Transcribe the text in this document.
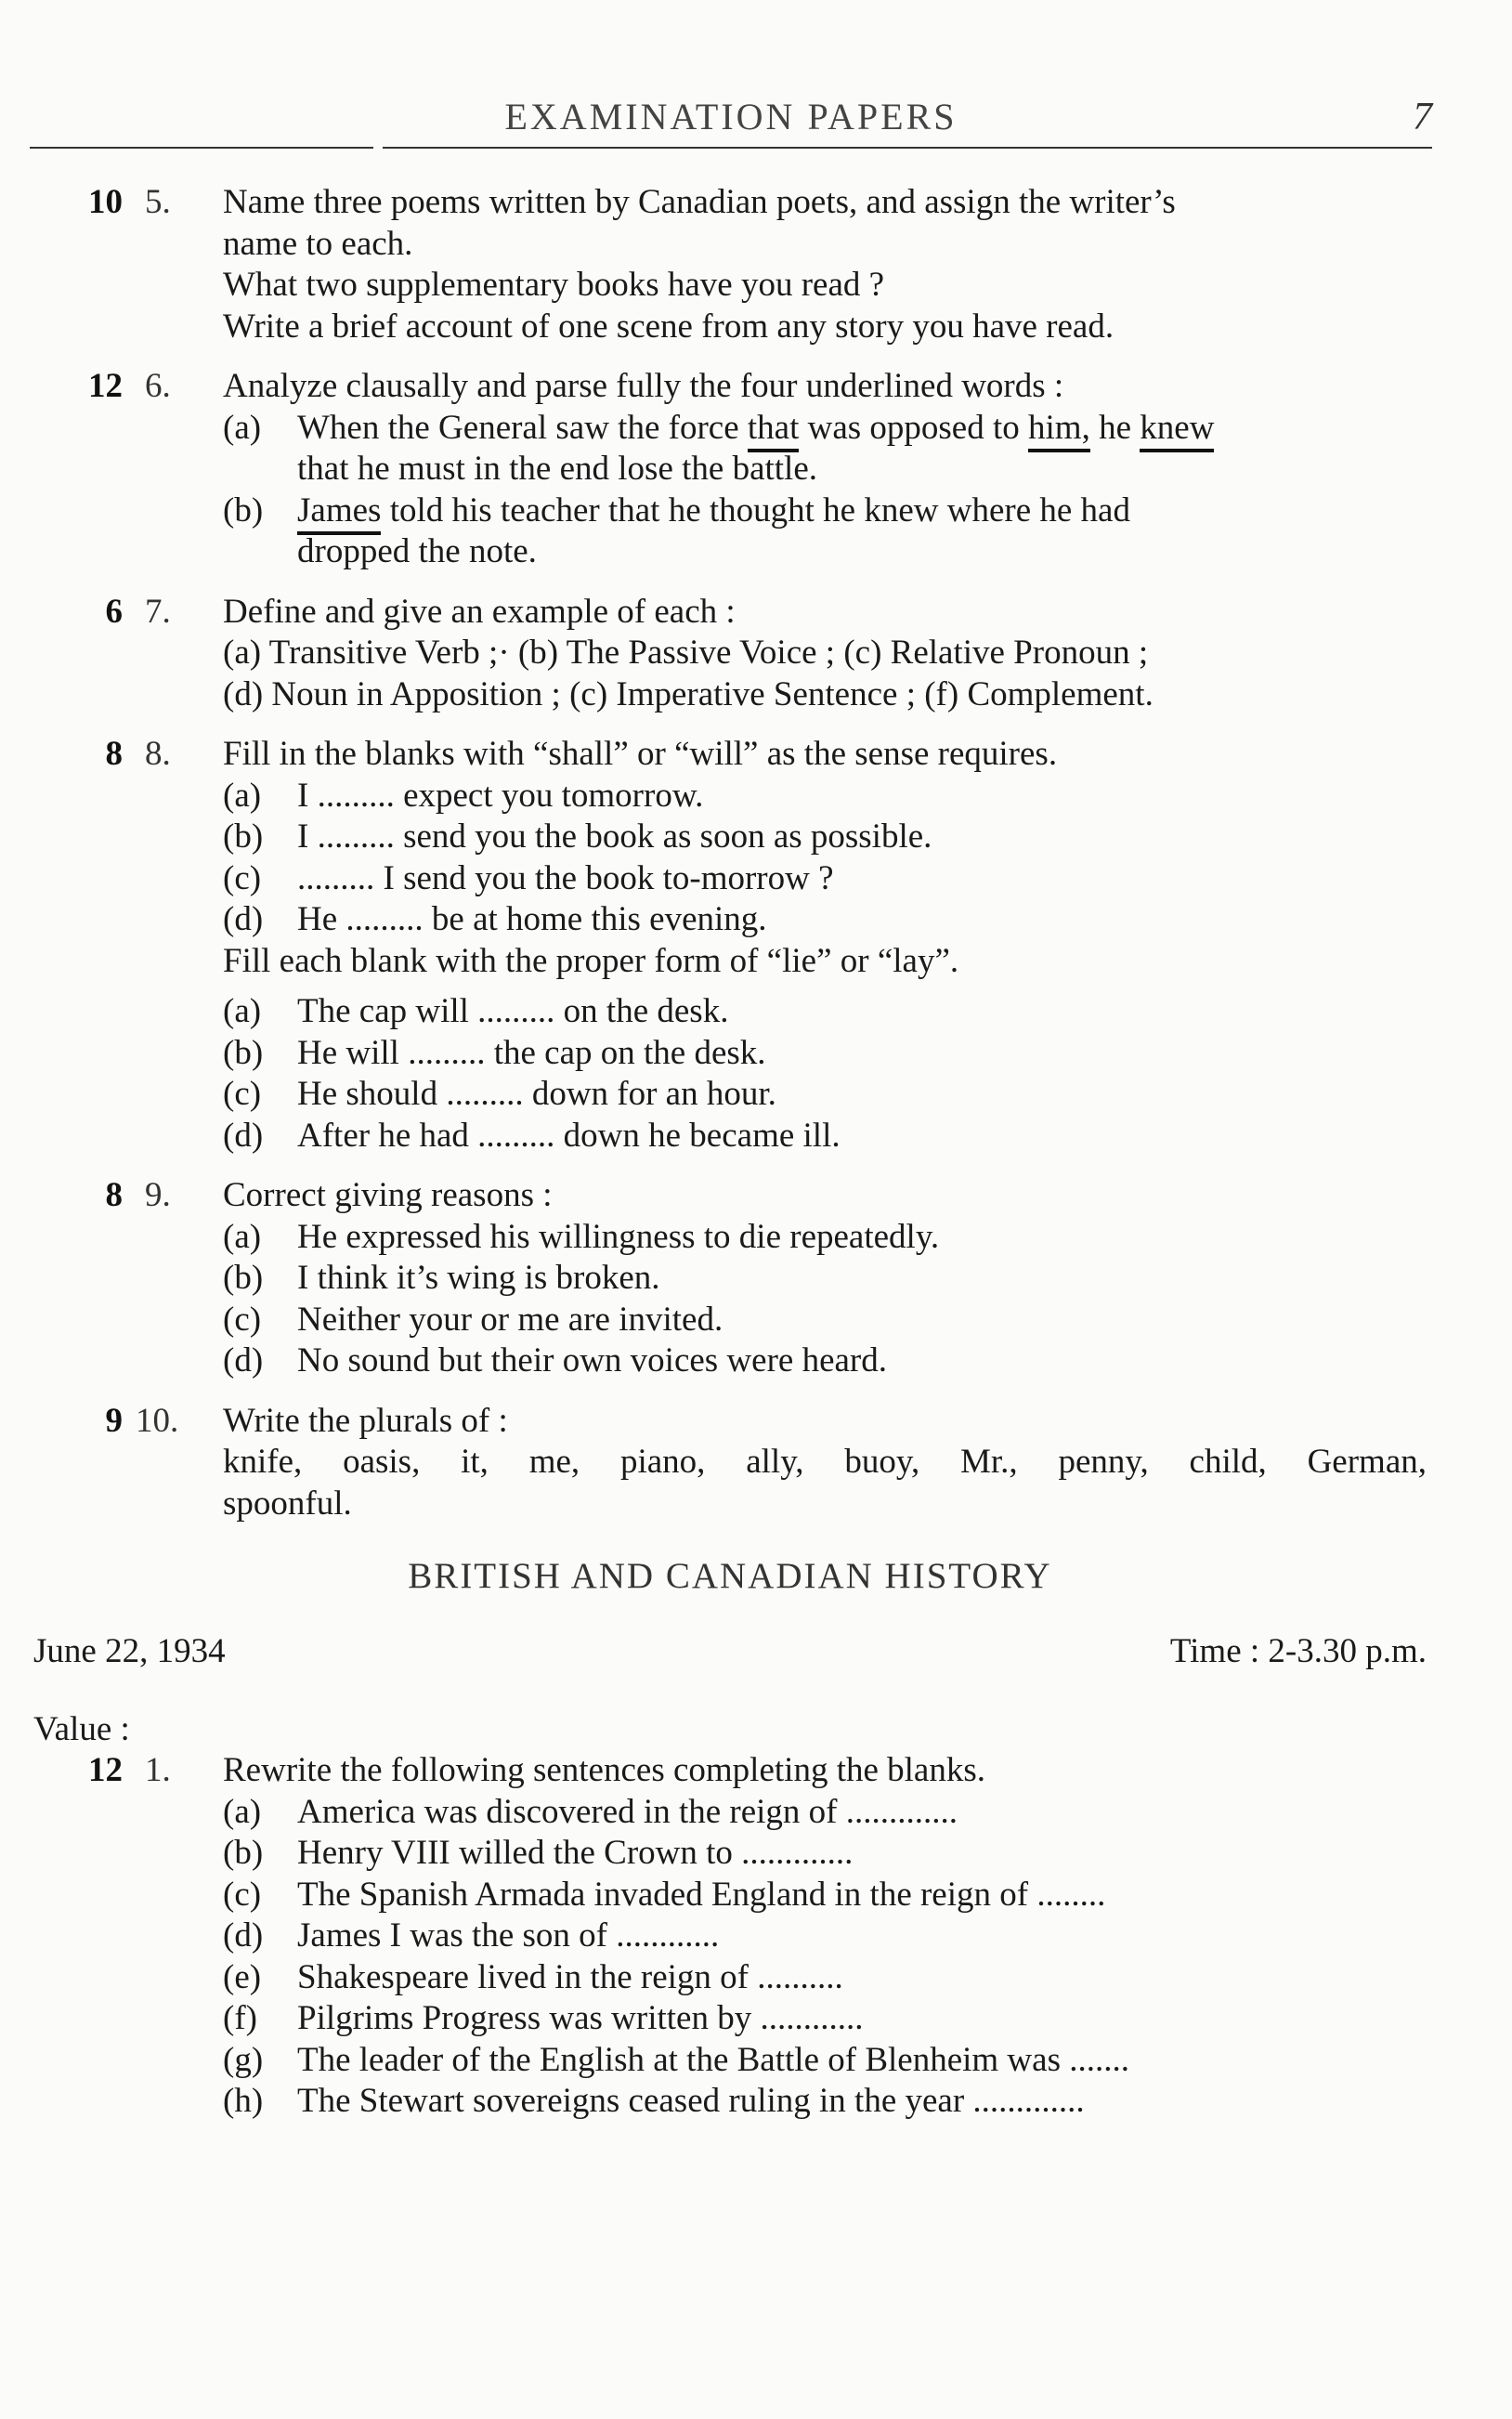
EXAMINATION PAPERS	7
10 5. Name three poems written by Canadian poets, and assign the writer’s
name to each.
What two supplementary books have you read ?
Write a brief account of one scene from any story you have read.
12 6. Analyze clausally and parse fully the four underlined words :
(a) When the General saw the force that was opposed to him, he knew
that he must in the end lose the battle.
(b) James told his teacher that he thought he knew where he had
dropped the note.
6 7. Define and give an example of each :
(a) Transitive Verb ;· (b) The Passive Voice ; (c) Relative Pronoun ;
(d) Noun in Apposition ; (c) Imperative Sentence ; (f) Complement.
8 8. Fill in the blanks with “shall” or “will” as the sense requires.
(a) I ......... expect you tomorrow.
(b) I ......... send you the book as soon as possible.
(c) ......... I send you the book to-morrow ?
(d) He ......... be at home this evening.
Fill each blank with the proper form of “lie” or “lay”.
(a) The cap will ......... on the desk.
(b) He will ......... the cap on the desk.
(c) He should ......... down for an hour.
(d) After he had ......... down he became ill.
8 9. Correct giving reasons :
(a) He expressed his willingness to die repeatedly.
(b) I think it’s wing is broken.
(c) Neither your or me are invited.
(d) No sound but their own voices were heard.
9 10. Write the plurals of :
knife, oasis, it, me, piano, ally, buoy, Mr., penny, child, German,
spoonful.
BRITISH AND CANADIAN HISTORY
June 22, 1934	Time : 2-3.30 p.m.
Value :
12 1. Rewrite the following sentences completing the blanks.
(a) America was discovered in the reign of .............
(b) Henry VIII willed the Crown to .............
(c) The Spanish Armada invaded England in the reign of ........
(d) James I was the son of ............
(e) Shakespeare lived in the reign of ..........
(f) Pilgrims Progress was written by ............
(g) The leader of the English at the Battle of Blenheim was .......
(h) The Stewart sovereigns ceased ruling in the year .............
